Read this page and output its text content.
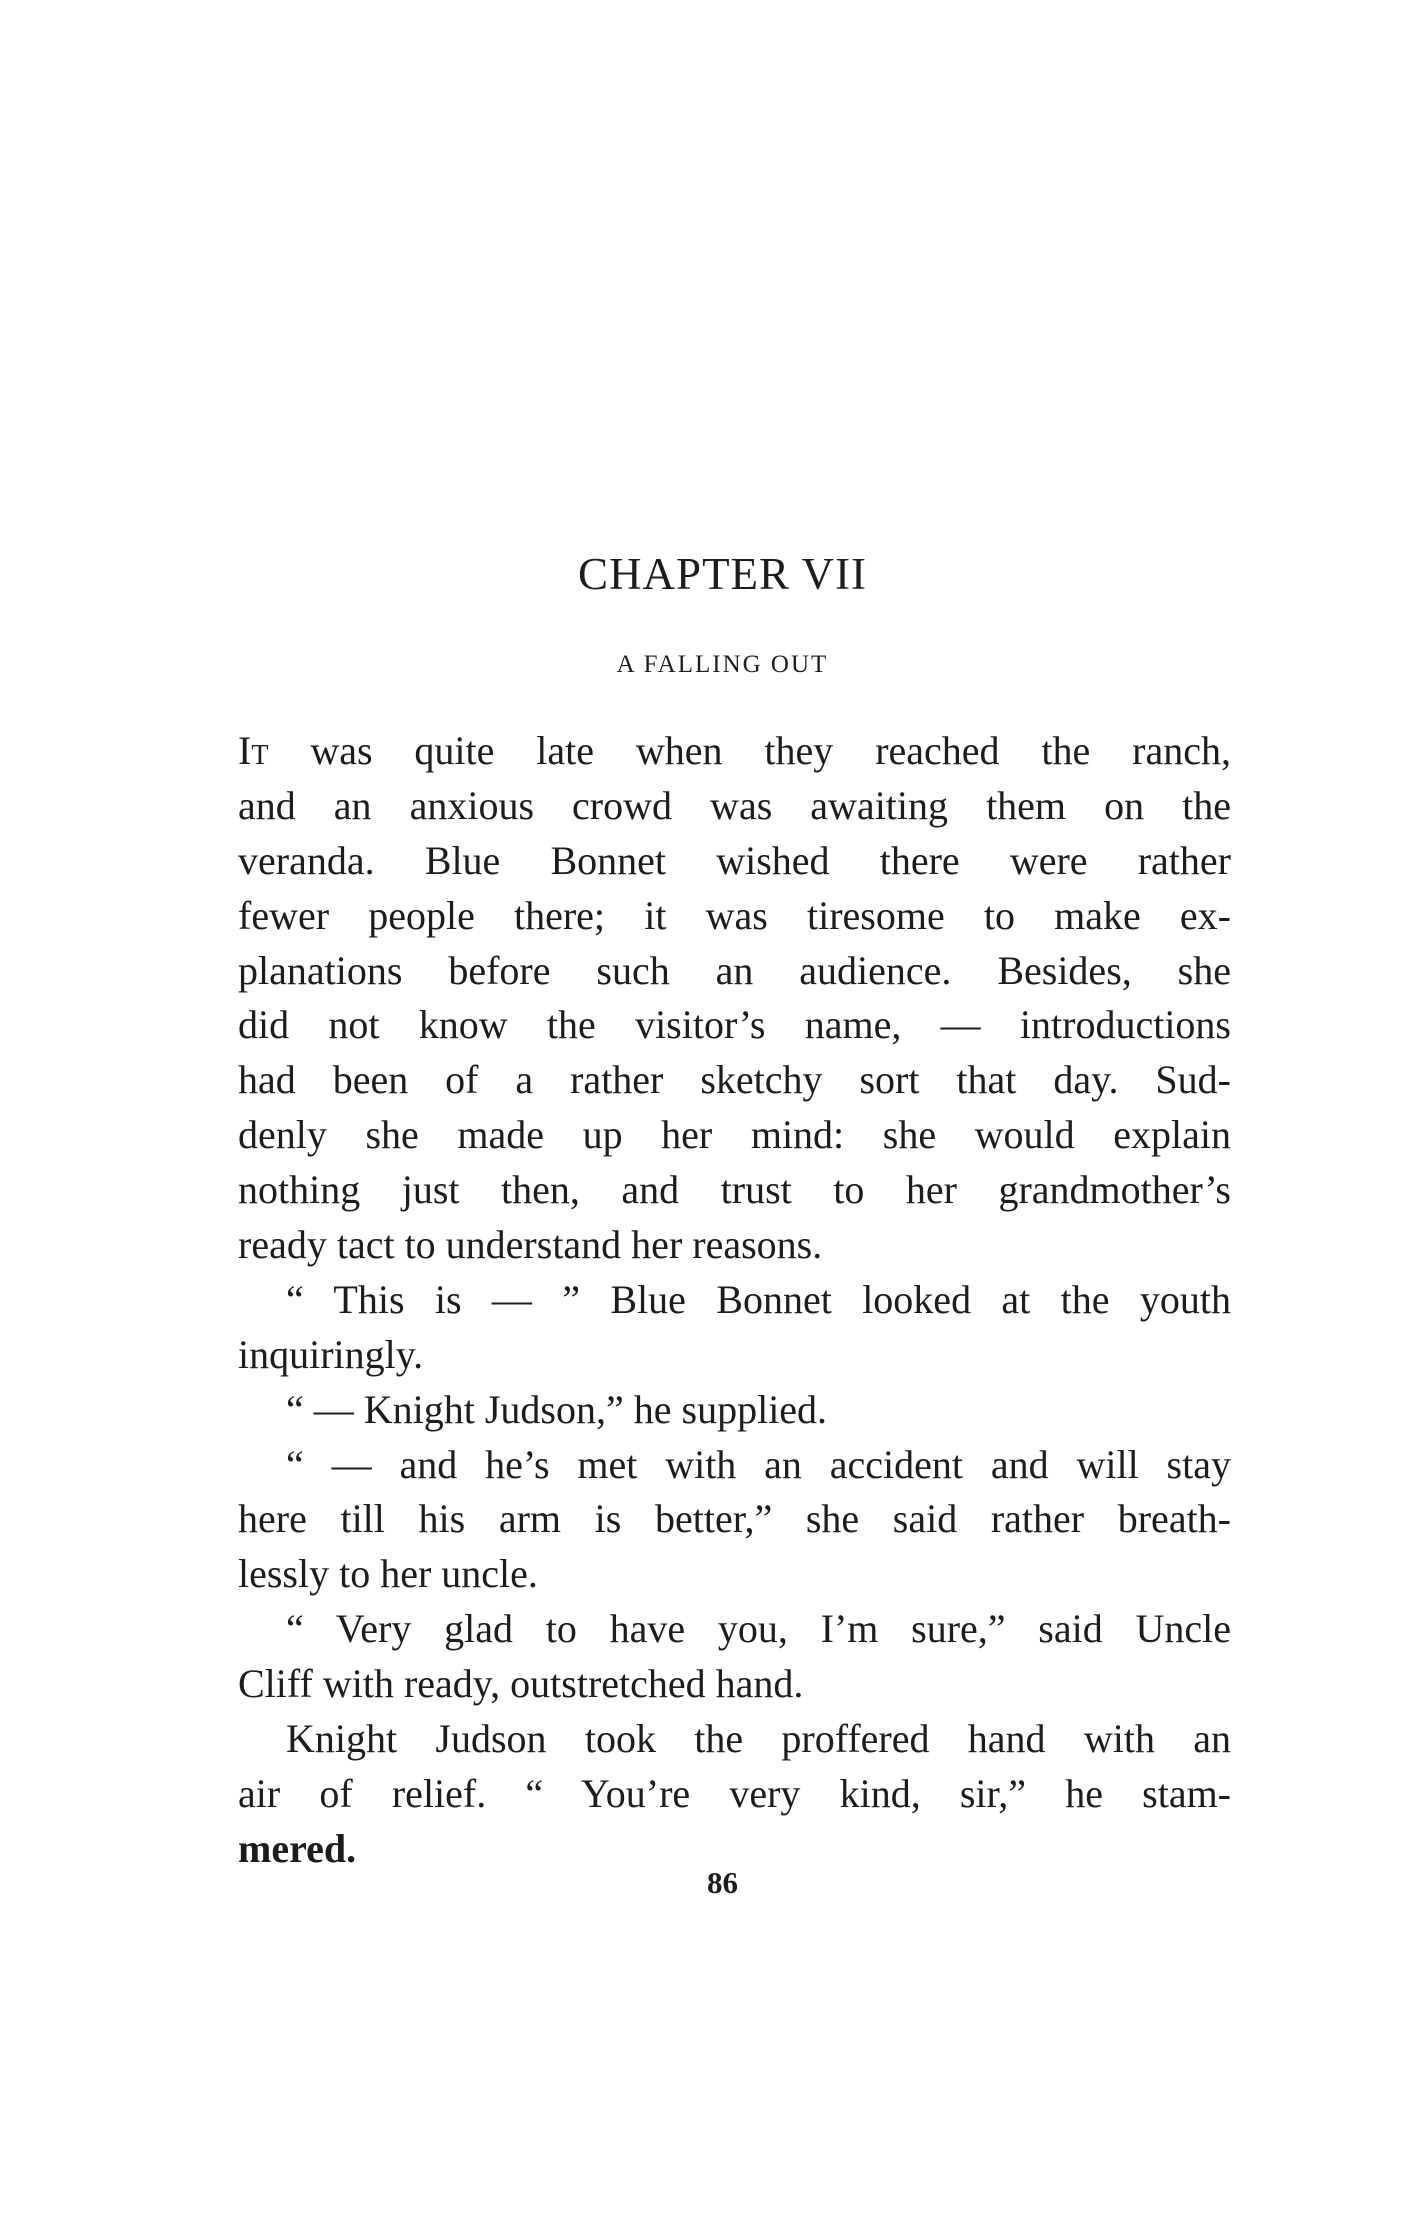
CHAPTER VII
A FALLING OUT
It was quite late when they reached the ranch,
and an anxious crowd was awaiting them on the
veranda. Blue Bonnet wished there were rather
fewer people there; it was tiresome to make ex-
planations before such an audience. Besides, she
did not know the visitor’s name, — introductions
had been of a rather sketchy sort that day. Sud-
denly she made up her mind: she would explain
nothing just then, and trust to her grandmother’s
ready tact to understand her reasons.
“ This is — ” Blue Bonnet looked at the youth
inquiringly.
“ — Knight Judson,” he supplied.
“ — and he’s met with an accident and will stay
here till his arm is better,” she said rather breath-
lessly to her uncle.
“ Very glad to have you, I’m sure,” said Uncle
Cliff with ready, outstretched hand.
Knight Judson took the proffered hand with an
air of relief. “ You’re very kind, sir,” he stam-
mered.
86
